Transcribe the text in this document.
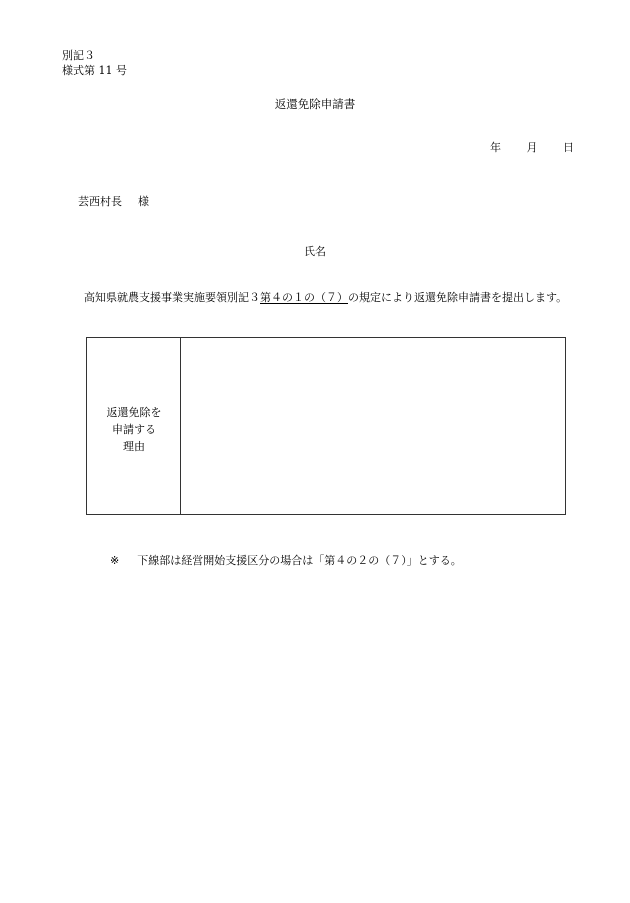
別記３
様式第 11 号
返還免除申請書
年 月 日
芸西村長 様
氏名
高知県就農支援事業実施要領別記３第４の１の（７）の規定により返還免除申請書を提出します。
返還免除を
申請する
理由
※ 下線部は経営開始支援区分の場合は「第４の２の（７）」とする。
